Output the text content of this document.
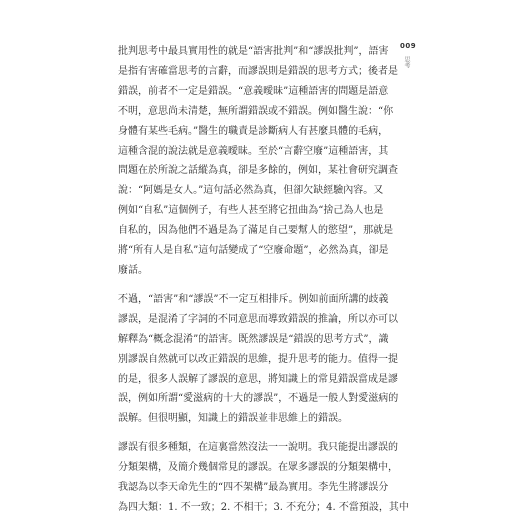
批判思考中最具實用性的就是“語害批判”和“謬誤批判”，語害
是指有害確當思考的言辭，而謬誤則是錯誤的思考方式；後者是
錯誤，前者不一定是錯誤。“意義曖昧”這種語害的問題是語意
不明，意思尚未清楚，無所謂錯誤或不錯誤。例如醫生說：“你
身體有某些毛病。”醫生的職責是診斷病人有甚麼具體的毛病，
這種含混的說法就是意義曖昧。至於“言辭空廢”這種語害，其
問題在於所說之話縱為真，卻是多餘的，例如，某社會研究調查
說：“阿媽是女人。”這句話必然為真，但卻欠缺經驗內容。又
例如“自私”這個例子，有些人甚至將它扭曲為“捨己為人也是
自私的，因為他們不過是為了滿足自己要幫人的慾望”，那就是
將“所有人是自私”這句話變成了“空廢命題”，必然為真，卻是
廢話。

不過，“語害”和“謬誤”不一定互相排斥。例如前面所講的歧義
謬誤，是混淆了字詞的不同意思而導致錯誤的推論，所以亦可以
解釋為“概念混淆”的語害。既然謬誤是“錯誤的思考方式”，識
別謬誤自然就可以改正錯誤的思維，提升思考的能力。值得一提
的是，很多人誤解了謬誤的意思，將知識上的常見錯誤當成是謬
誤，例如所謂“愛滋病的十大的謬誤”，不過是一般人對愛滋病的
誤解。但很明顯，知識上的錯誤並非思維上的錯誤。

謬誤有很多種類，在這裏當然沒法一一說明。我只能提出謬誤的
分類架構，及簡介幾個常見的謬誤。在眾多謬誤的分類架構中，
我認為以李天命先生的“四不架構”最為實用。李先生將謬誤分
為四大類：1. 不一致；2. 不相干；3. 不充分；4. 不當預設，其中

009
思考
